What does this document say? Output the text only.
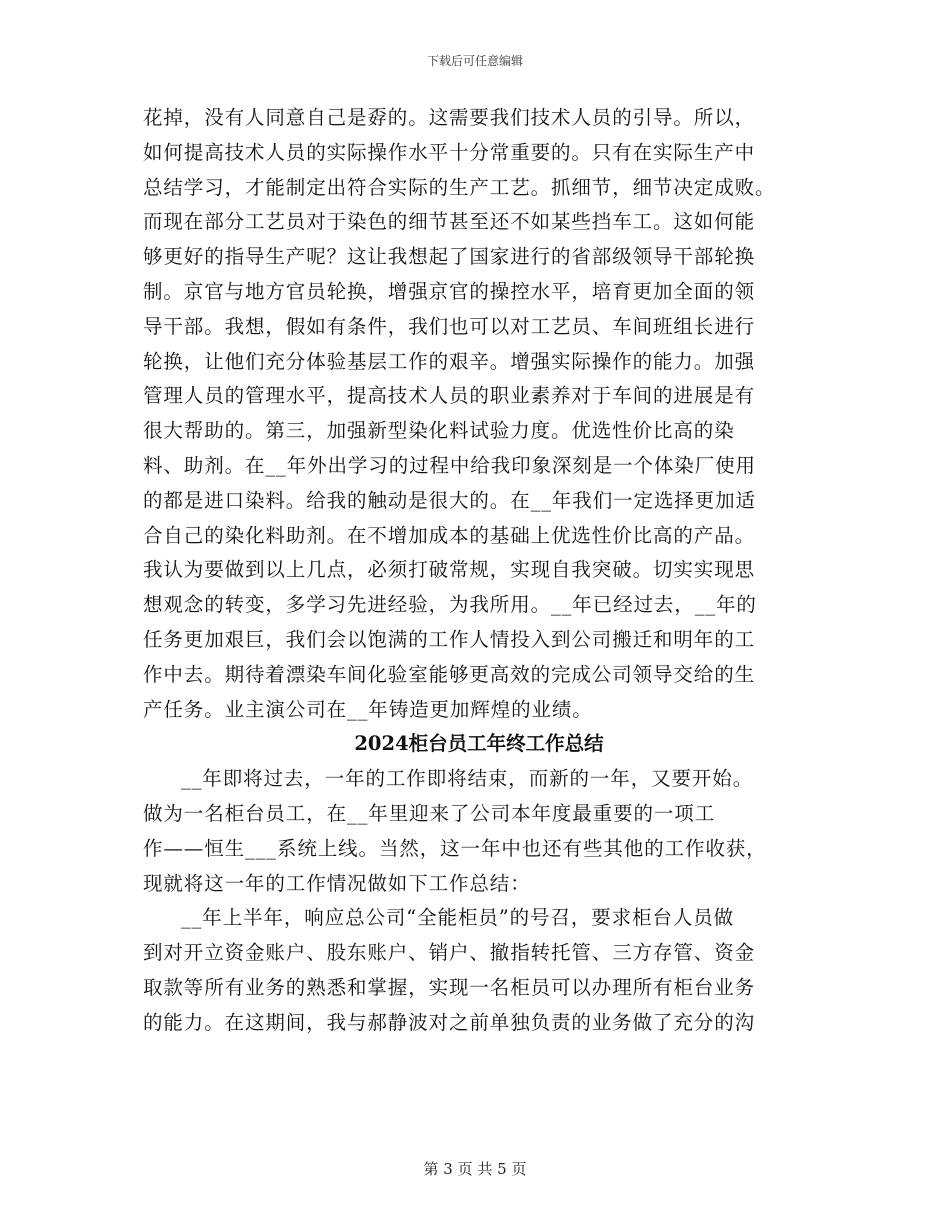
下载后可任意编辑
花掉，没有人同意自己是孬的。这需要我们技术人员的引导。所以，
如何提高技术人员的实际操作水平十分常重要的。只有在实际生产中
总结学习，才能制定出符合实际的生产工艺。抓细节，细节决定成败。
而现在部分工艺员对于染色的细节甚至还不如某些挡车工。这如何能
够更好的指导生产呢？这让我想起了国家进行的省部级领导干部轮换
制。京官与地方官员轮换，增强京官的操控水平，培育更加全面的领
导干部。我想，假如有条件，我们也可以对工艺员、车间班组长进行
轮换，让他们充分体验基层工作的艰辛。增强实际操作的能力。加强
管理人员的管理水平，提高技术人员的职业素养对于车间的进展是有
很大帮助的。第三，加强新型染化料试验力度。优选性价比高的染
料、助剂。在__年外出学习的过程中给我印象深刻是一个体染厂使用
的都是进口染料。给我的触动是很大的。在__年我们一定选择更加适
合自己的染化料助剂。在不增加成本的基础上优选性价比高的产品。
我认为要做到以上几点，必须打破常规，实现自我突破。切实实现思
想观念的转变，多学习先进经验，为我所用。__年已经过去，__年的
任务更加艰巨，我们会以饱满的工作人情投入到公司搬迁和明年的工
作中去。期待着漂染车间化验室能够更高效的完成公司领导交给的生
产任务。业主演公司在__年铸造更加辉煌的业绩。
2024柜台员工年终工作总结
__年即将过去，一年的工作即将结束，而新的一年，又要开始。
做为一名柜台员工，在__年里迎来了公司本年度最重要的一项工
作——恒生___系统上线。当然，这一年中也还有些其他的工作收获，
现就将这一年的工作情况做如下工作总结：
__年上半年，响应总公司“全能柜员”的号召，要求柜台人员做
到对开立资金账户、股东账户、销户、撤指转托管、三方存管、资金
取款等所有业务的熟悉和掌握，实现一名柜员可以办理所有柜台业务
的能力。在这期间，我与郝静波对之前单独负责的业务做了充分的沟
第 3 页 共 5 页
